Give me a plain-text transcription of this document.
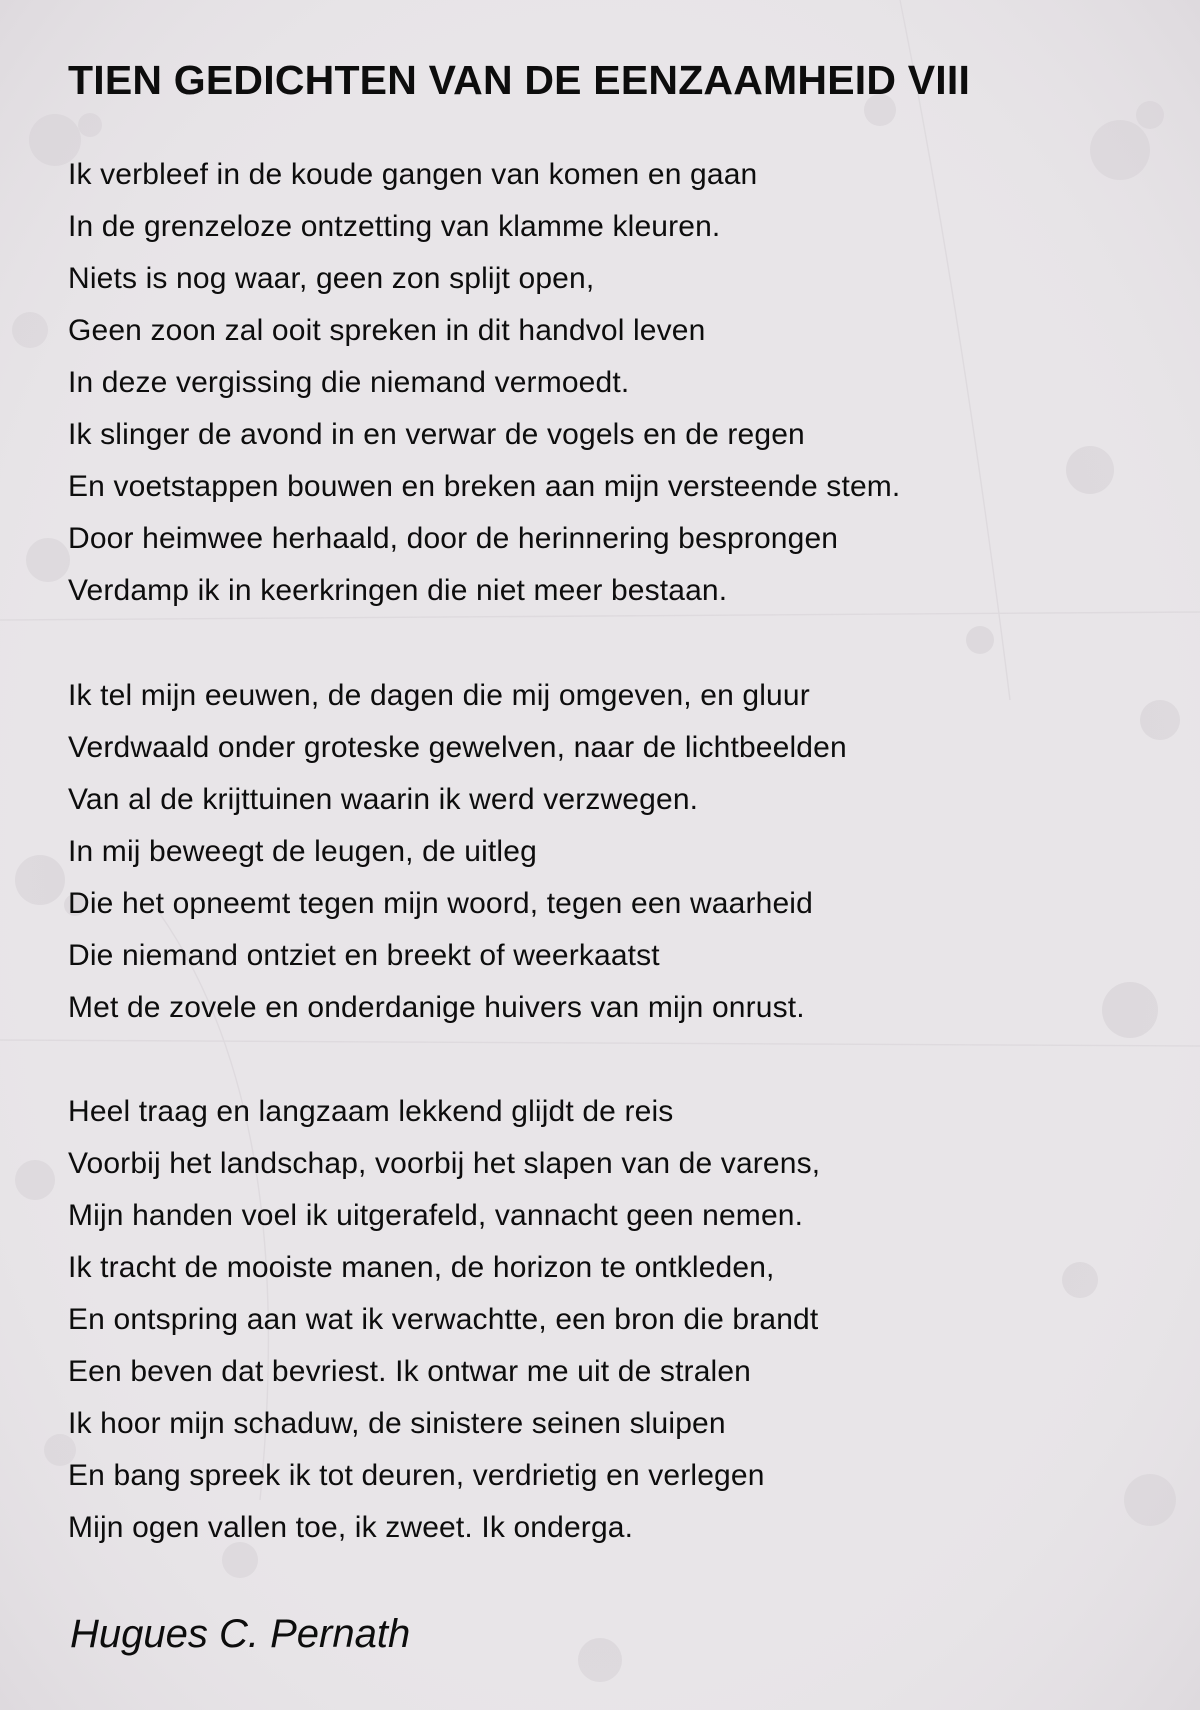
TIEN GEDICHTEN VAN DE EENZAAMHEID VIII
Ik verbleef in de koude gangen van komen en gaan
In de grenzeloze ontzetting van klamme kleuren.
Niets is nog waar, geen zon splijt open,
Geen zoon zal ooit spreken in dit handvol leven
In deze vergissing die niemand vermoedt.
Ik slinger de avond in en verwar de vogels en de regen
En voetstappen bouwen en breken aan mijn versteende stem.
Door heimwee herhaald, door de herinnering besprongen
Verdamp ik in keerkringen die niet meer bestaan.
Ik tel mijn eeuwen, de dagen die mij omgeven, en gluur
Verdwaald onder groteske gewelven, naar de lichtbeelden
Van al de krijttuinen waarin ik werd verzwegen.
In mij beweegt de leugen, de uitleg
Die het opneemt tegen mijn woord, tegen een waarheid
Die niemand ontziet en breekt of weerkaatst
Met de zovele en onderdanige huivers van mijn onrust.
Heel traag en langzaam lekkend glijdt de reis
Voorbij het landschap, voorbij het slapen van de varens,
Mijn handen voel ik uitgerafeld, vannacht geen nemen.
Ik tracht de mooiste manen, de horizon te ontkleden,
En ontspring aan wat ik verwachtte, een bron die brandt
Een beven dat bevriest. Ik ontwar me uit de stralen
Ik hoor mijn schaduw, de sinistere seinen sluipen
En bang spreek ik tot deuren, verdrietig en verlegen
Mijn ogen vallen toe, ik zweet. Ik onderga.
Hugues C. Pernath
